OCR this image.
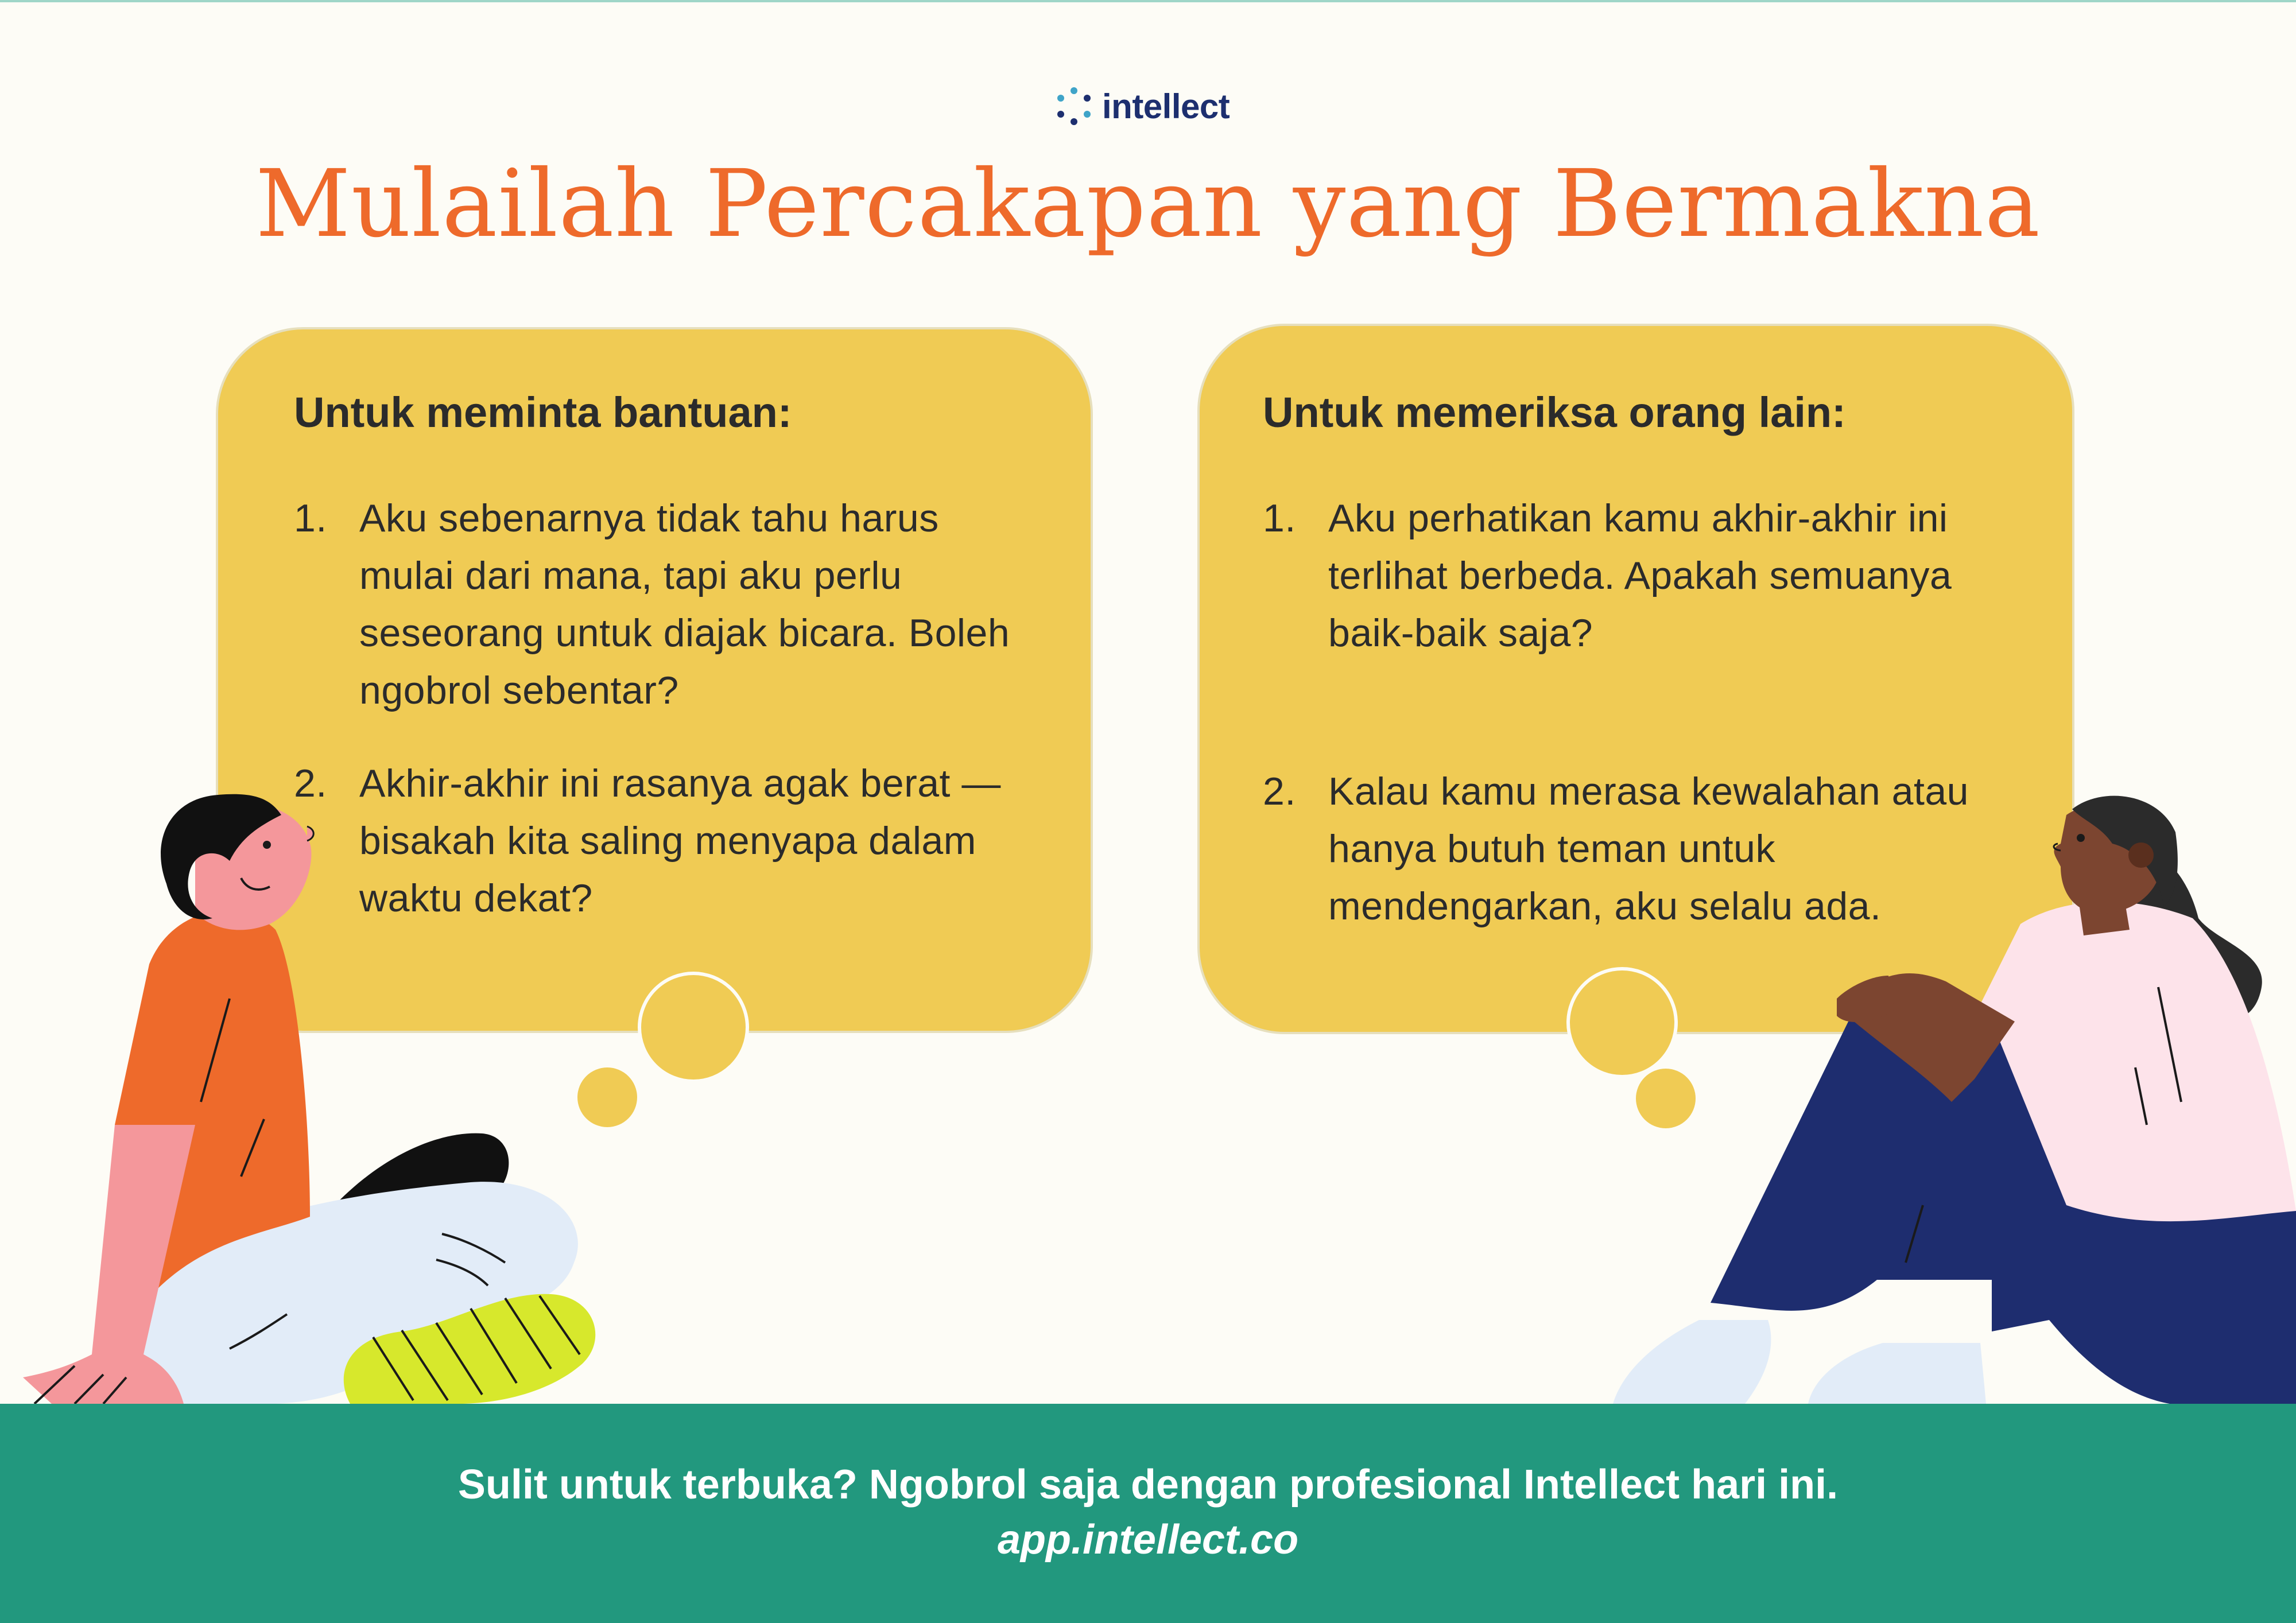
intellect
Mulailah Percakapan yang Bermakna

Untuk meminta bantuan:

1. Aku sebenarnya tidak tahu harus mulai dari mana, tapi aku perlu seseorang untuk diajak bicara. Boleh ngobrol sebentar?
2. Akhir-akhir ini rasanya agak berat — bisakah kita saling menyapa dalam waktu dekat?

Untuk memeriksa orang lain:

1. Aku perhatikan kamu akhir-akhir ini terlihat berbeda. Apakah semuanya baik-baik saja?
2. Kalau kamu merasa kewalahan atau hanya butuh teman untuk mendengarkan, aku selalu ada.
Sulit untuk terbuka? Ngobrol saja dengan profesional Intellect hari ini.
app.intellect.co
